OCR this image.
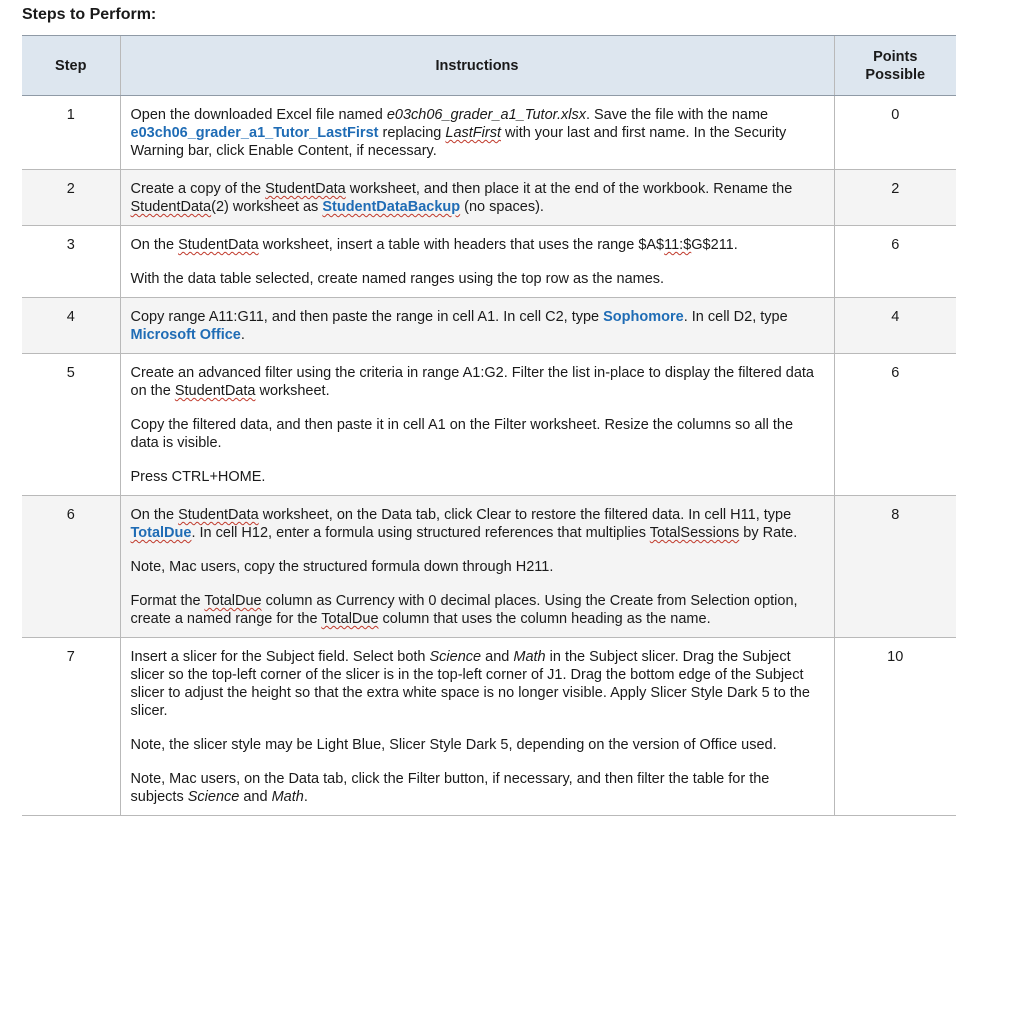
Steps to Perform:
Step	Instructions	Points
Possible
1	Open the downloaded Excel file named e03ch06_grader_a1_Tutor.xlsx. Save the file with the name e03ch06_grader_a1_Tutor_LastFirst replacing LastFirst with your last and first name. In the Security Warning bar, click Enable Content, if necessary.	0
2	Create a copy of the StudentData worksheet, and then place it at the end of the workbook. Rename the StudentData(2) worksheet as StudentDataBackup (no spaces).	2
3	On the StudentData worksheet, insert a table with headers that uses the range $A$11:$G$211.

With the data table selected, create named ranges using the top row as the names.	6
4	Copy range A11:G11, and then paste the range in cell A1. In cell C2, type Sophomore. In cell D2, type Microsoft Office.	4
5	Create an advanced filter using the criteria in range A1:G2. Filter the list in-place to display the filtered data on the StudentData worksheet.

Copy the filtered data, and then paste it in cell A1 on the Filter worksheet. Resize the columns so all the data is visible.

Press CTRL+HOME.	6
6	On the StudentData worksheet, on the Data tab, click Clear to restore the filtered data. In cell H11, type TotalDue. In cell H12, enter a formula using structured references that multiplies TotalSessions by Rate.

Note, Mac users, copy the structured formula down through H211.

Format the TotalDue column as Currency with 0 decimal places. Using the Create from Selection option, create a named range for the TotalDue column that uses the column heading as the name.	8
7	Insert a slicer for the Subject field. Select both Science and Math in the Subject slicer. Drag the Subject slicer so the top-left corner of the slicer is in the top-left corner of J1. Drag the bottom edge of the Subject slicer to adjust the height so that the extra white space is no longer visible. Apply Slicer Style Dark 5 to the slicer.

Note, the slicer style may be Light Blue, Slicer Style Dark 5, depending on the version of Office used.

Note, Mac users, on the Data tab, click the Filter button, if necessary, and then filter the table for the subjects Science and Math.	10
